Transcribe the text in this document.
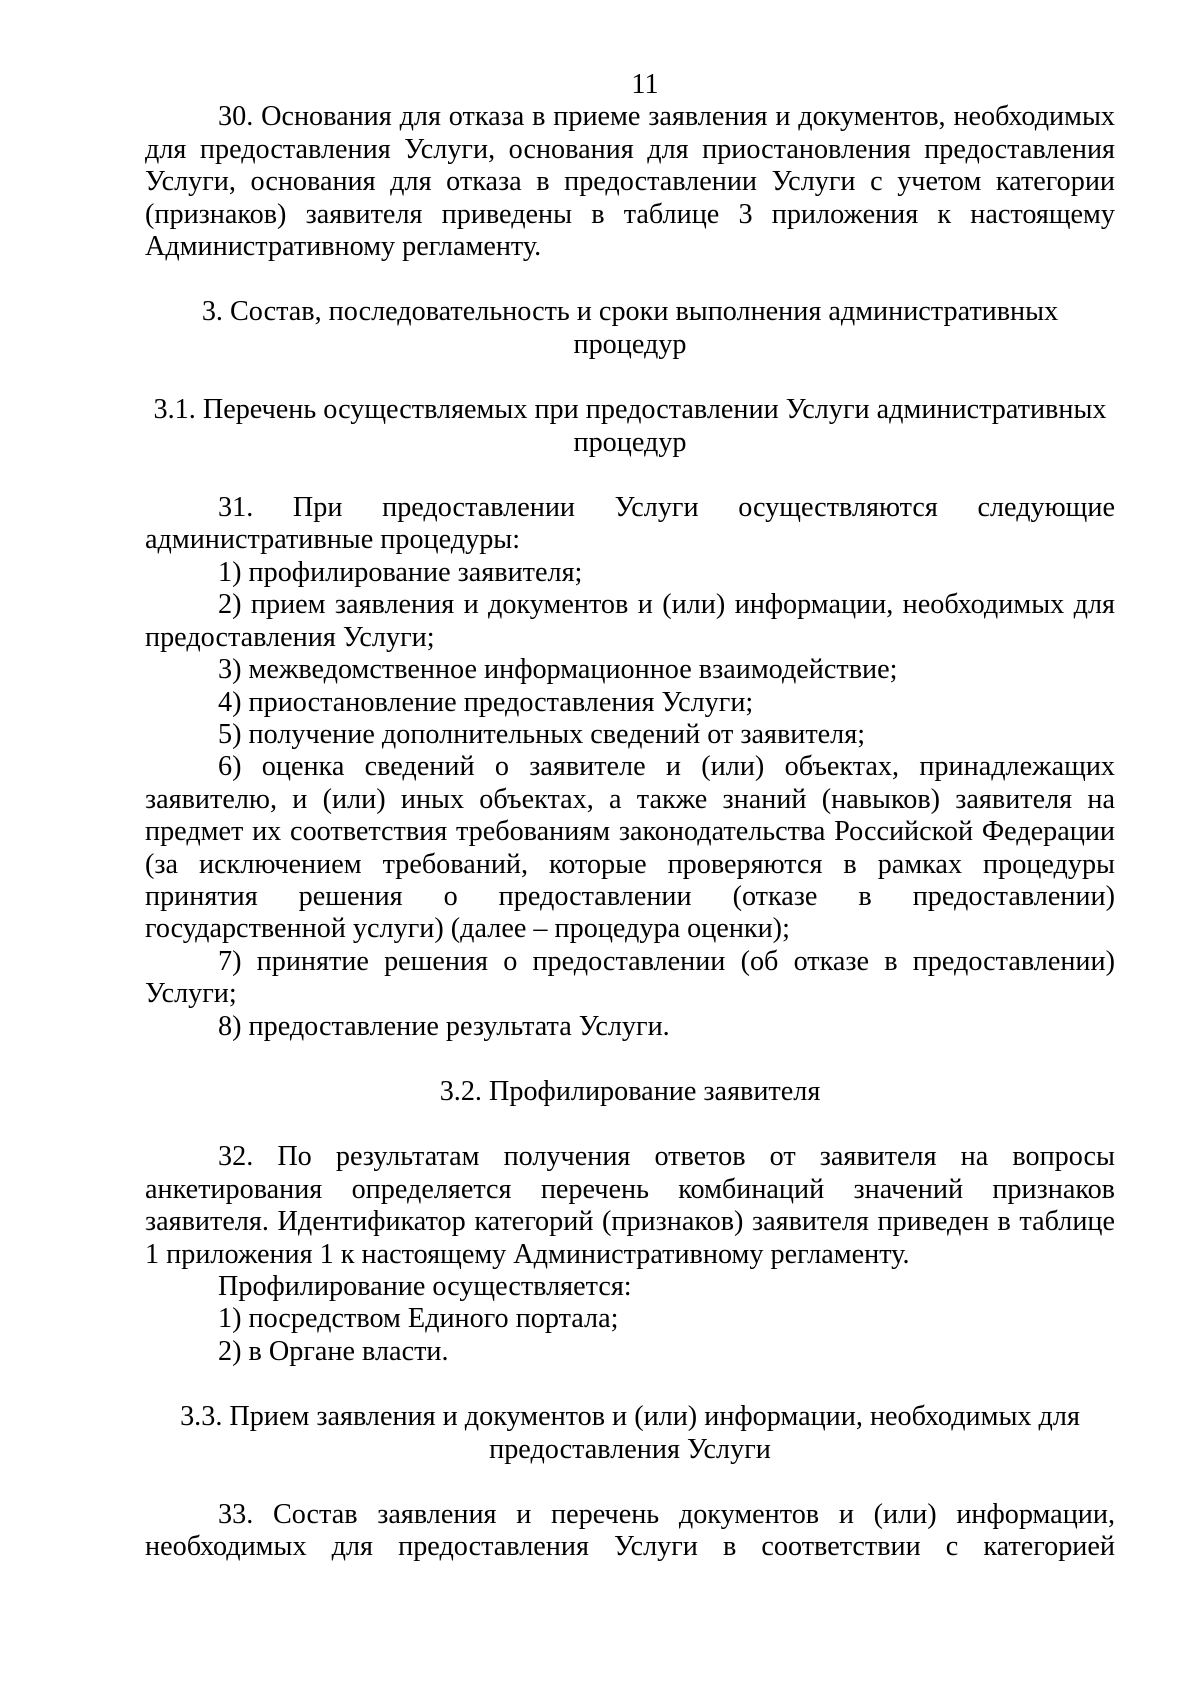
11

30. Основания для отказа в приеме заявления и документов, необходимых для предоставления Услуги, основания для приостановления предоставления Услуги, основания для отказа в предоставлении Услуги с учетом категории (признаков) заявителя приведены в таблице 3 приложения к настоящему Административному регламенту.

3. Состав, последовательность и сроки выполнения административных
процедур
3.1. Перечень осуществляемых при предоставлении Услуги административных
процедур

31. При предоставлении Услуги осуществляются следующие

административные процедуры:

1) профилирование заявителя;

2) прием заявления и документов и (или) информации, необходимых для предоставления Услуги;

3) межведомственное информационное взаимодействие;

4) приостановление предоставления Услуги;

5) получение дополнительных сведений от заявителя;

6) оценка сведений о заявителе и (или) объектах, принадлежащих заявителю, и (или) иных объектах, а также знаний (навыков) заявителя на предмет их соответствия требованиям законодательства Российской Федерации (за исключением требований, которые проверяются в рамках процедуры принятия решения о предоставлении (отказе в предоставлении) государственной услуги) (далее – процедура оценки);

7) принятие решения о предоставлении (об отказе в предоставлении) Услуги;

8) предоставление результата Услуги.

3.2. Профилирование заявителя

32. По результатам получения ответов от заявителя на вопросы анкетирования определяется перечень комбинаций значений признаков заявителя. Идентификатор категорий (признаков) заявителя приведен в таблице 1 приложения 1 к настоящему Административному регламенту.

Профилирование осуществляется:

1) посредством Единого портала;

2) в Органе власти.

3.3. Прием заявления и документов и (или) информации, необходимых для
предоставления Услуги

33. Состав заявления и перечень документов и (или) информации, необходимых для предоставления Услуги в соответствии с категорией
